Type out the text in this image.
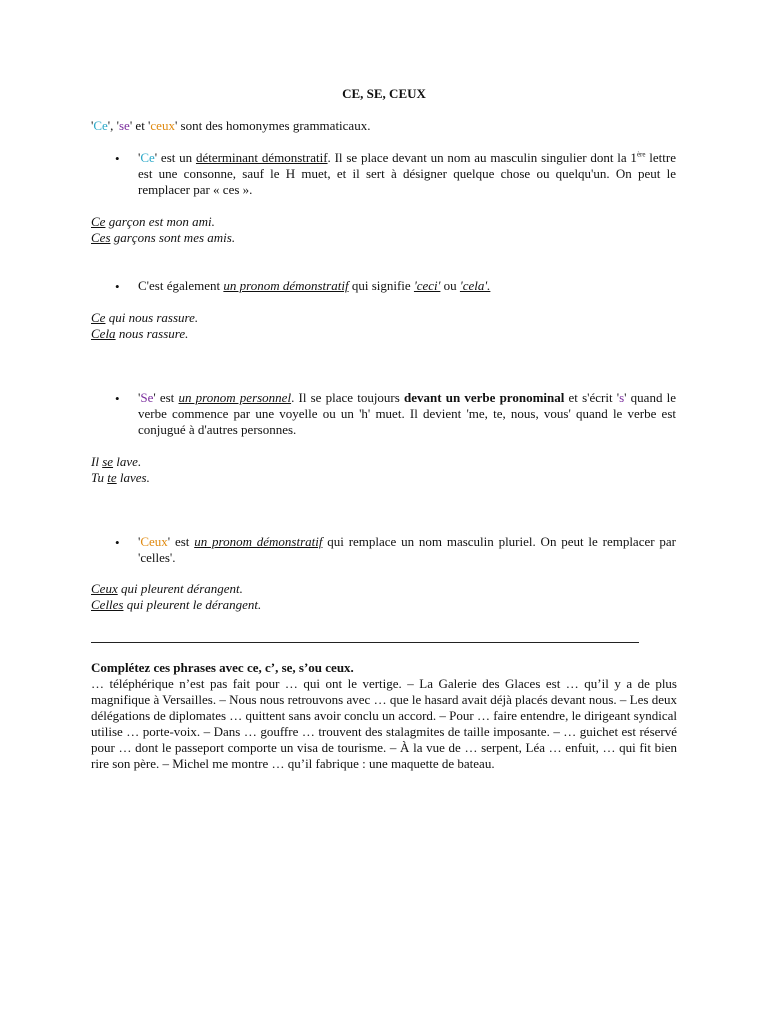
CE, SE, CEUX
'Ce', 'se' et 'ceux' sont des homonymes grammaticaux.
• 'Ce' est un déterminant démonstratif. Il se place devant un nom au masculin singulier dont la 1ère lettre est une consonne, sauf le H muet, et il sert à désigner quelque chose ou quelqu'un. On peut le remplacer par « ces ».
Ce garçon est mon ami.
Ces garçons sont mes amis.
• C'est également un pronom démonstratif qui signifie 'ceci' ou 'cela'.
Ce qui nous rassure.
Cela nous rassure.
• 'Se' est un pronom personnel. Il se place toujours devant un verbe pronominal et s'écrit 's' quand le verbe commence par une voyelle ou un 'h' muet. Il devient 'me, te, nous, vous' quand le verbe est conjugué à d'autres personnes.
Il se lave.
Tu te laves.
• 'Ceux' est un pronom démonstratif qui remplace un nom masculin pluriel. On peut le remplacer par 'celles'.
Ceux qui pleurent dérangent.
Celles qui pleurent le dérangent.
Complétez ces phrases avec ce, c’, se, s’ou ceux.
… téléphérique n’est pas fait pour … qui ont le vertige. – La Galerie des Glaces est … qu’il y a de plus magnifique à Versailles. – Nous nous retrouvons avec … que le hasard avait déjà placés devant nous. – Les deux délégations de diplomates … quittent sans avoir conclu un accord. – Pour … faire entendre, le dirigeant syndical utilise … porte-voix. – Dans … gouffre … trouvent des stalagmites de taille imposante. – … guichet est réservé pour … dont le passeport comporte un visa de tourisme. – À la vue de … serpent, Léa … enfuit, … qui fit bien rire son père. – Michel me montre … qu’il fabrique : une maquette de bateau.
